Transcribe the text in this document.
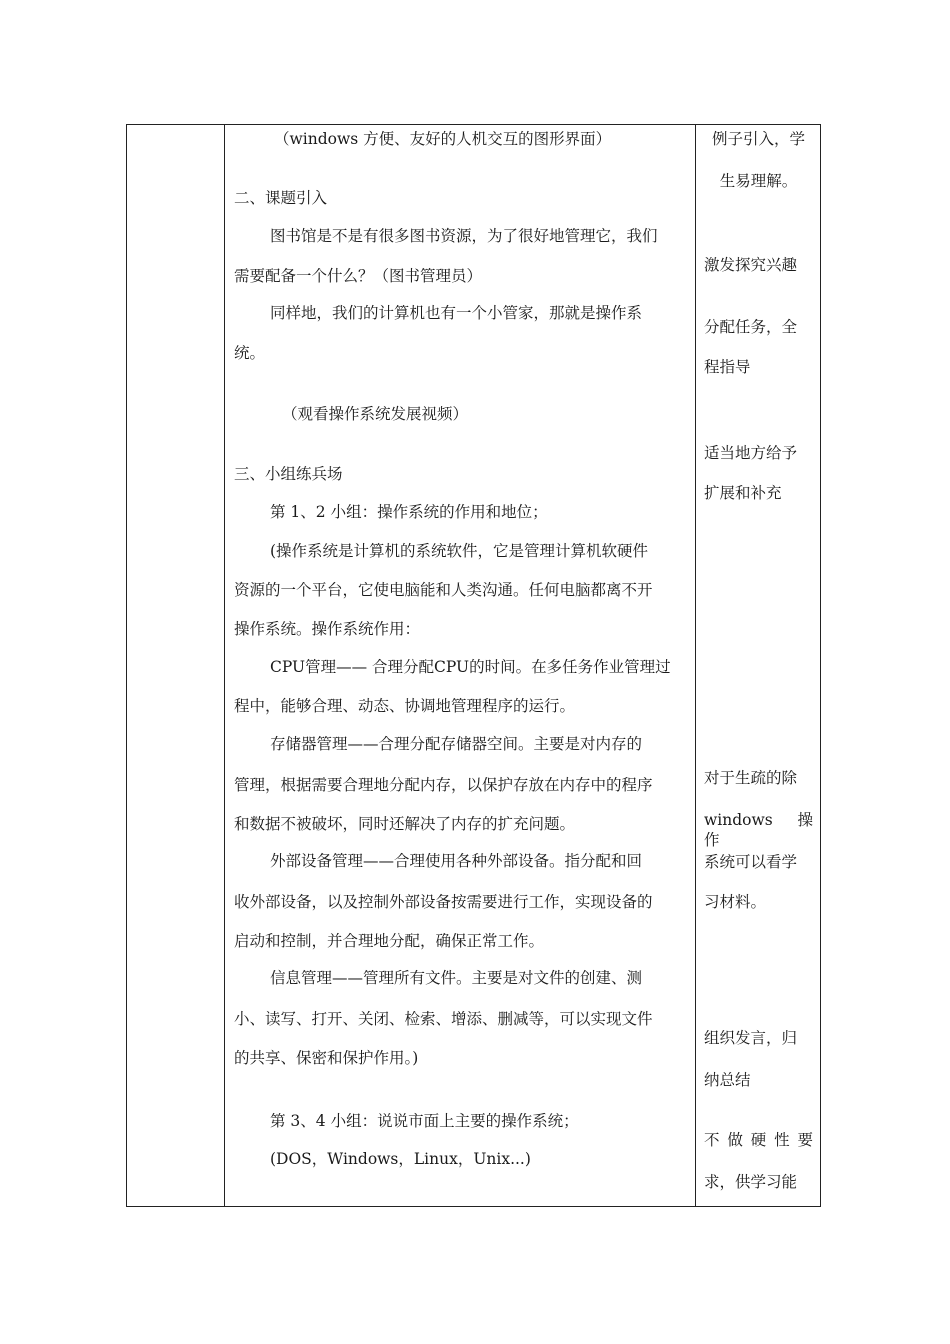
（windows 方便、友好的人机交互的图形界面）
二、课题引入
图书馆是不是有很多图书资源，为了很好地管理它，我们
需要配备一个什么？（图书管理员）
同样地，我们的计算机也有一个小管家，那就是操作系
统。
（观看操作系统发展视频）
三、小组练兵场
第 1、2 小组：操作系统的作用和地位；
(操作系统是计算机的系统软件，它是管理计算机软硬件
资源的一个平台，它使电脑能和人类沟通。任何电脑都离不开
操作系统。操作系统作用：
CPU管理—— 合理分配CPU的时间。在多任务作业管理过
程中，能够合理、动态、协调地管理程序的运行。
存储器管理——合理分配存储器空间。主要是对内存的
管理，根据需要合理地分配内存，以保护存放在内存中的程序
和数据不被破坏，同时还解决了内存的扩充问题。
外部设备管理——合理使用各种外部设备。指分配和回
收外部设备，以及控制外部设备按需要进行工作，实现设备的
启动和控制，并合理地分配，确保正常工作。
信息管理——管理所有文件。主要是对文件的创建、测
小、读写、打开、关闭、检索、增添、删减等，可以实现文件
的共享、保密和保护作用。)
第 3、4 小组：说说市面上主要的操作系统；
(DOS，Windows，Linux，Unix...)
例子引入，学
生易理解。
激发探究兴趣
分配任务，全
程指导
适当地方给予
扩展和补充
对于生疏的除
windows 操 作
系统可以看学
习材料。
组织发言，归
纳总结
不 做 硬 性 要
求，供学习能
